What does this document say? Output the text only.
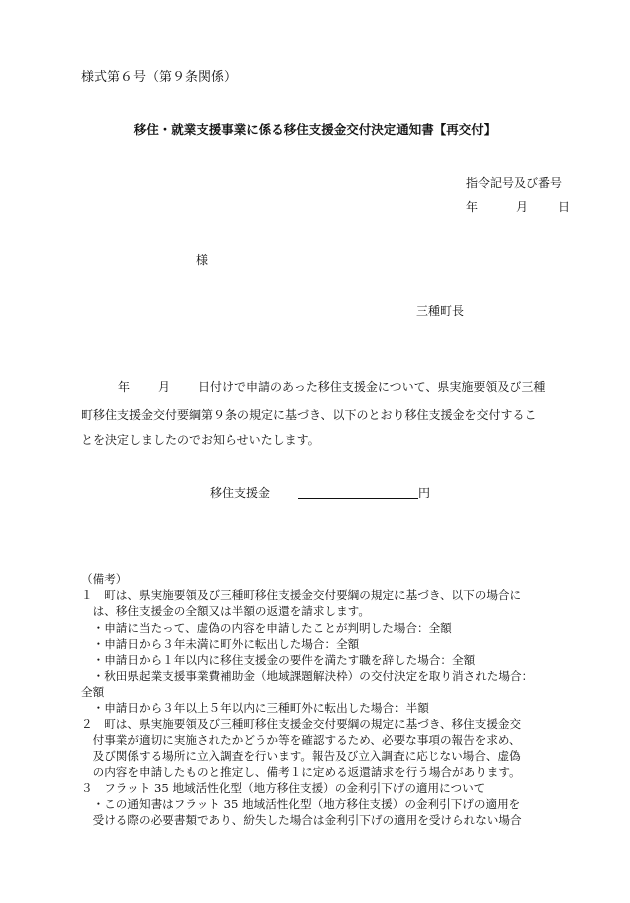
様式第６号（第９条関係）
移住・就業支援事業に係る移住支援金交付決定通知書【再交付】
指令記号及び番号
年	月 日
様
三種町長
年 月 日付けで申請のあった移住支援金について、県実施要領及び三種
町移住支援金交付要綱第９条の規定に基づき、以下のとおり移住支援金を交付するこ
とを決定しましたのでお知らせいたします。
移住支援金	円
（備考）
１　町は、県実施要領及び三種町移住支援金交付要綱の規定に基づき、以下の場合に
　は、移住支援金の全額又は半額の返還を請求します。
　・申請に当たって、虚偽の内容を申請したことが判明した場合：全額
　・申請日から３年未満に町外に転出した場合：全額
　・申請日から１年以内に移住支援金の要件を満たす職を辞した場合：全額
　・秋田県起業支援事業費補助金（地域課題解決枠）の交付決定を取り消された場合：
全額
　・申請日から３年以上５年以内に三種町外に転出した場合：半額
２　町は、県実施要領及び三種町移住支援金交付要綱の規定に基づき、移住支援金交
　付事業が適切に実施されたかどうか等を確認するため、必要な事項の報告を求め、
　及び関係する場所に立入調査を行います。報告及び立入調査に応じない場合、虚偽
　の内容を申請したものと推定し、備考１に定める返還請求を行う場合があります。
３　フラット 35 地域活性化型（地方移住支援）の金利引下げの適用について
　・この通知書はフラット 35 地域活性化型（地方移住支援）の金利引下げの適用を
　受ける際の必要書類であり、紛失した場合は金利引下げの適用を受けられない場合
